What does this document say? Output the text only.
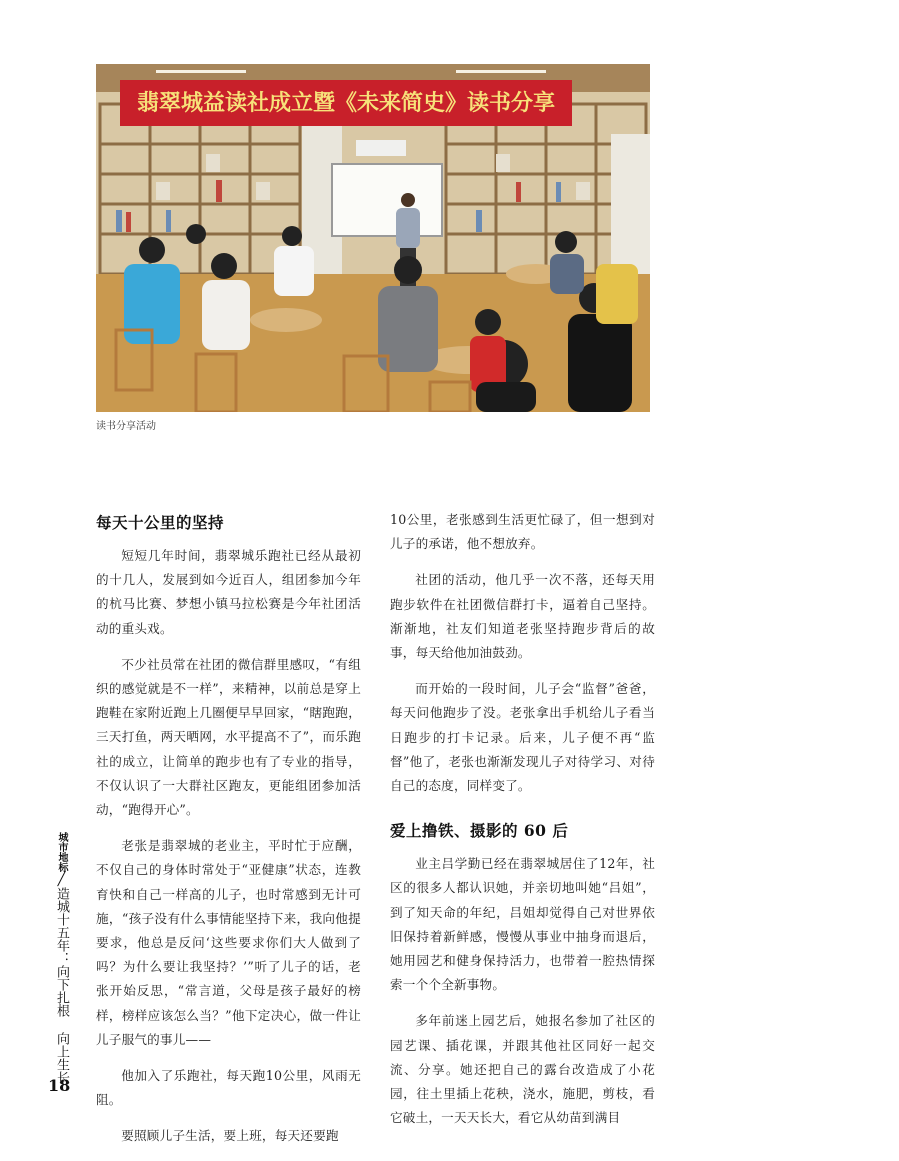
翡翠城益读社成立暨《未来简史》读书分享
读书分享活动
每天十公里的坚持

短短几年时间，翡翠城乐跑社已经从最初的十几人，发展到如今近百人，组团参加今年的杭马比赛、梦想小镇马拉松赛是今年社团活动的重头戏。

不少社员常在社团的微信群里感叹，“有组织的感觉就是不一样”，来精神，以前总是穿上跑鞋在家附近跑上几圈便早早回家，“瞎跑跑，三天打鱼，两天晒网，水平提高不了”，而乐跑社的成立，让简单的跑步也有了专业的指导，不仅认识了一大群社区跑友，更能组团参加活动，“跑得开心”。

老张是翡翠城的老业主，平时忙于应酬，不仅自己的身体时常处于“亚健康”状态，连教育快和自己一样高的儿子，也时常感到无计可施，“孩子没有什么事情能坚持下来，我向他提要求，他总是反问‘这些要求你们大人做到了吗？为什么要让我坚持？’”听了儿子的话，老张开始反思，“常言道，父母是孩子最好的榜样，榜样应该怎么当？”他下定决心，做一件让儿子服气的事儿——

他加入了乐跑社，每天跑10公里，风雨无阻。

要照顾儿子生活，要上班，每天还要跑

10公里，老张感到生活更忙碌了，但一想到对儿子的承诺，他不想放弃。

社团的活动，他几乎一次不落，还每天用跑步软件在社团微信群打卡，逼着自己坚持。渐渐地，社友们知道老张坚持跑步背后的故事，每天给他加油鼓劲。

而开始的一段时间，儿子会“监督”爸爸，每天问他跑步了没。老张拿出手机给儿子看当日跑步的打卡记录。后来，儿子便不再“监督”他了，老张也渐渐发现儿子对待学习、对待自己的态度，同样变了。

爱上撸铁、摄影的 60 后

业主吕学勤已经在翡翠城居住了12年，社区的很多人都认识她，并亲切地叫她“吕姐”，到了知天命的年纪，吕姐却觉得自己对世界依旧保持着新鲜感，慢慢从事业中抽身而退后，她用园艺和健身保持活力，也带着一腔热情探索一个个全新事物。

多年前迷上园艺后，她报名参加了社区的园艺课、插花课，并跟其他社区同好一起交流、分享。她还把自己的露台改造成了小花园，往土里插上花秧，浇水，施肥，剪枝，看它破土，一天天长大，看它从幼苗到满目

城市地标╱造城十五年：向下扎根 向上生长
18
